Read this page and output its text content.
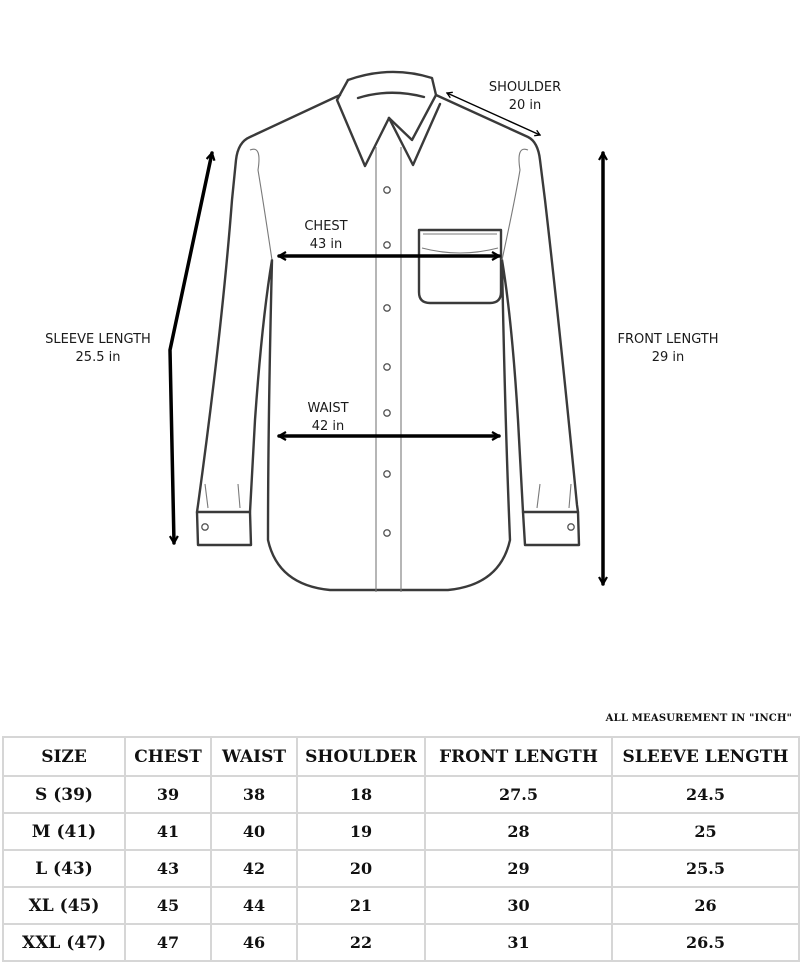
SHOULDER
20 in
CHEST
43 in
SLEEVE LENGTH
25.5 in
FRONT LENGTH
29 in
WAIST
42 in
ALL MEASUREMENT IN "INCH"
SIZE	CHEST	WAIST	SHOULDER	FRONT LENGTH	SLEEVE LENGTH
S (39)	39	38	18	27.5	24.5
M (41)	41	40	19	28	25
L (43)	43	42	20	29	25.5
XL (45)	45	44	21	30	26
XXL (47)	47	46	22	31	26.5
